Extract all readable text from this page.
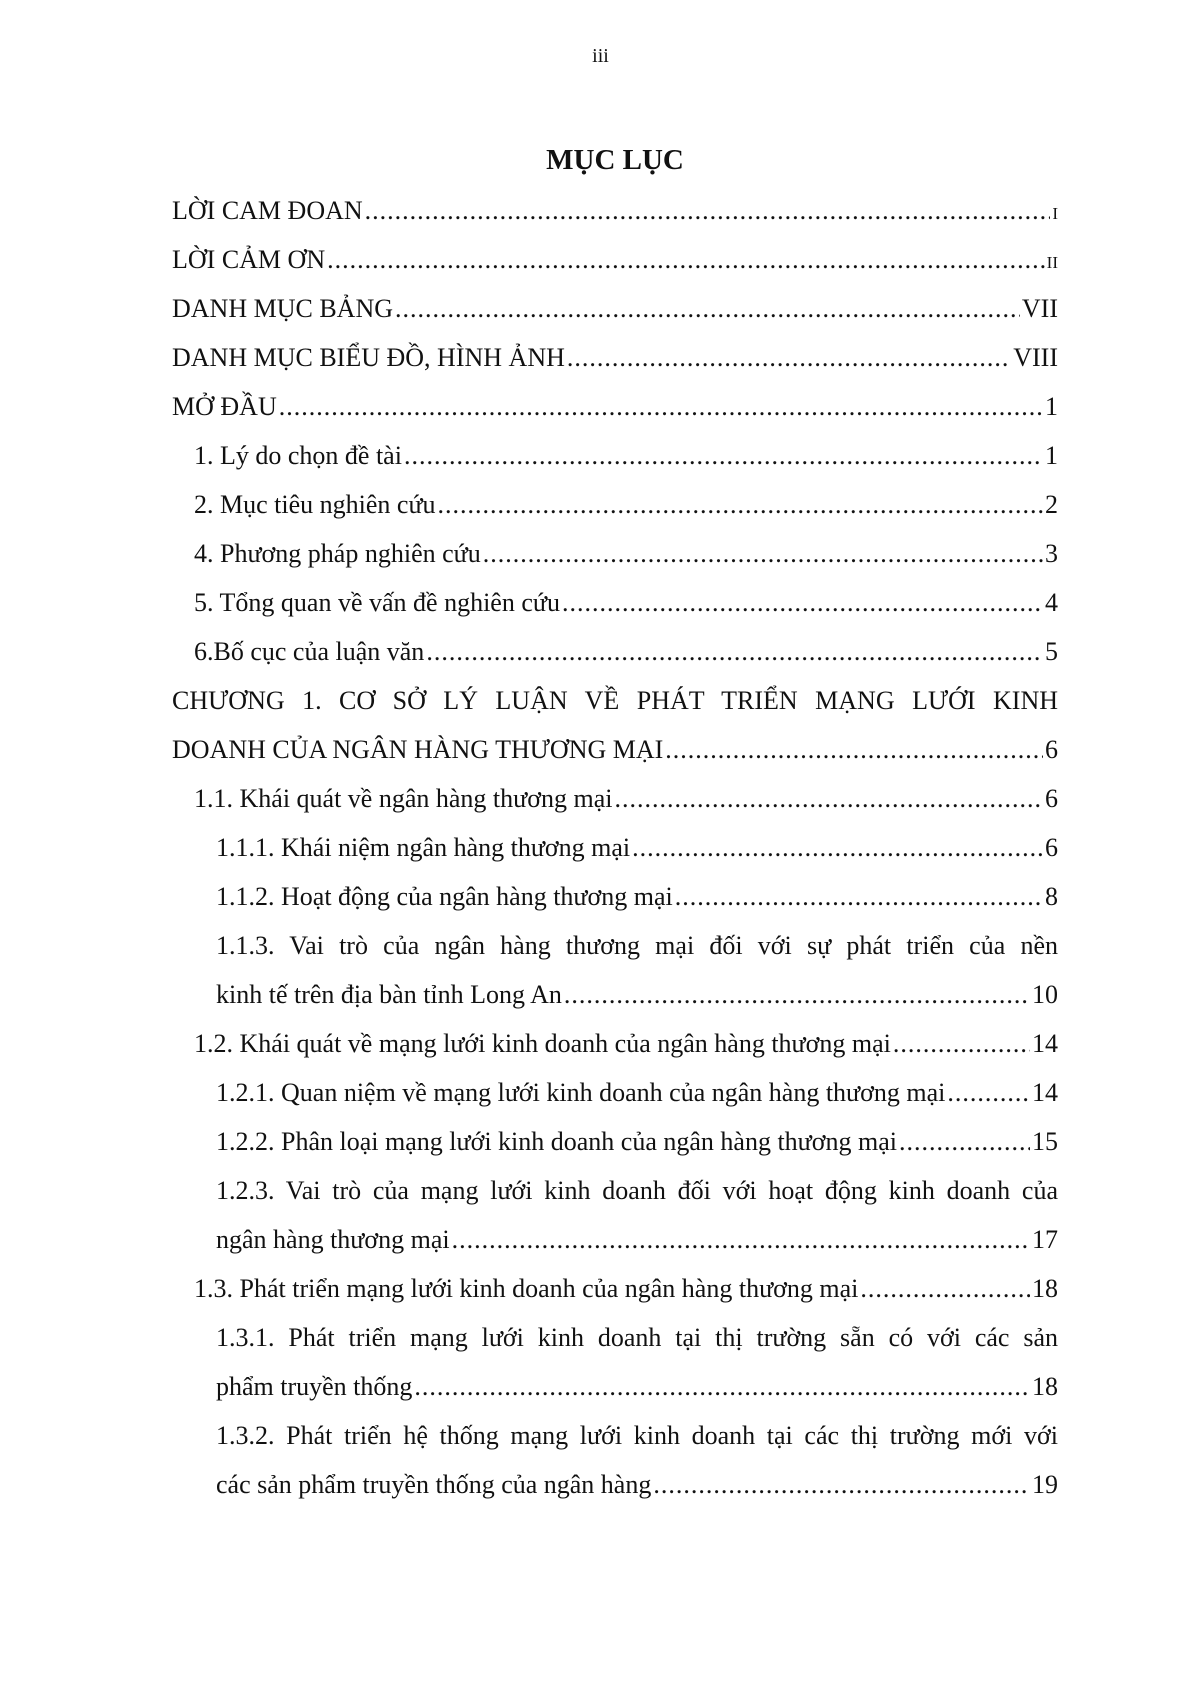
iii
MỤC LỤC
LỜI CAM ĐOAN .....	I
LỜI CẢM ƠN .....	II
DANH MỤC BẢNG .....	VII
DANH MỤC BIỂU ĐỒ, HÌNH ẢNH .....	VIII
MỞ ĐẦU .....	1
1. Lý do chọn đề tài .....	1
2. Mục tiêu nghiên cứu .....	2
4. Phương pháp nghiên cứu .....	3
5. Tổng quan về vấn đề nghiên cứu .....	4
6.Bố cục của luận văn .....	5
CHƯƠNG 1. CƠ SỞ LÝ LUẬN VỀ PHÁT TRIỂN MẠNG LƯỚI KINH
DOANH CỦA NGÂN HÀNG THƯƠNG MẠI .....	6
1.1. Khái quát về ngân hàng thương mại .....	6
1.1.1. Khái niệm ngân hàng thương mại .....	6
1.1.2. Hoạt động của ngân hàng thương mại .....	8
1.1.3. Vai trò của ngân hàng thương mại đối với sự phát triển của nền
kinh tế trên địa bàn tỉnh Long An .....	10
1.2. Khái quát về mạng lưới kinh doanh của ngân hàng thương mại .....	14
1.2.1. Quan niệm về mạng lưới kinh doanh của ngân hàng thương mại .....	14
1.2.2. Phân loại mạng lưới kinh doanh của ngân hàng thương mại .....	15
1.2.3. Vai trò của mạng lưới kinh doanh đối với hoạt động kinh doanh của
ngân hàng thương mại .....	17
1.3. Phát triển mạng lưới kinh doanh của ngân hàng thương mại .....	18
1.3.1. Phát triển mạng lưới kinh doanh tại thị trường sẵn có với các sản
phẩm truyền thống .....	18
1.3.2. Phát triển hệ thống mạng lưới kinh doanh tại các thị trường mới với
các sản phẩm truyền thống của ngân hàng .....	19
